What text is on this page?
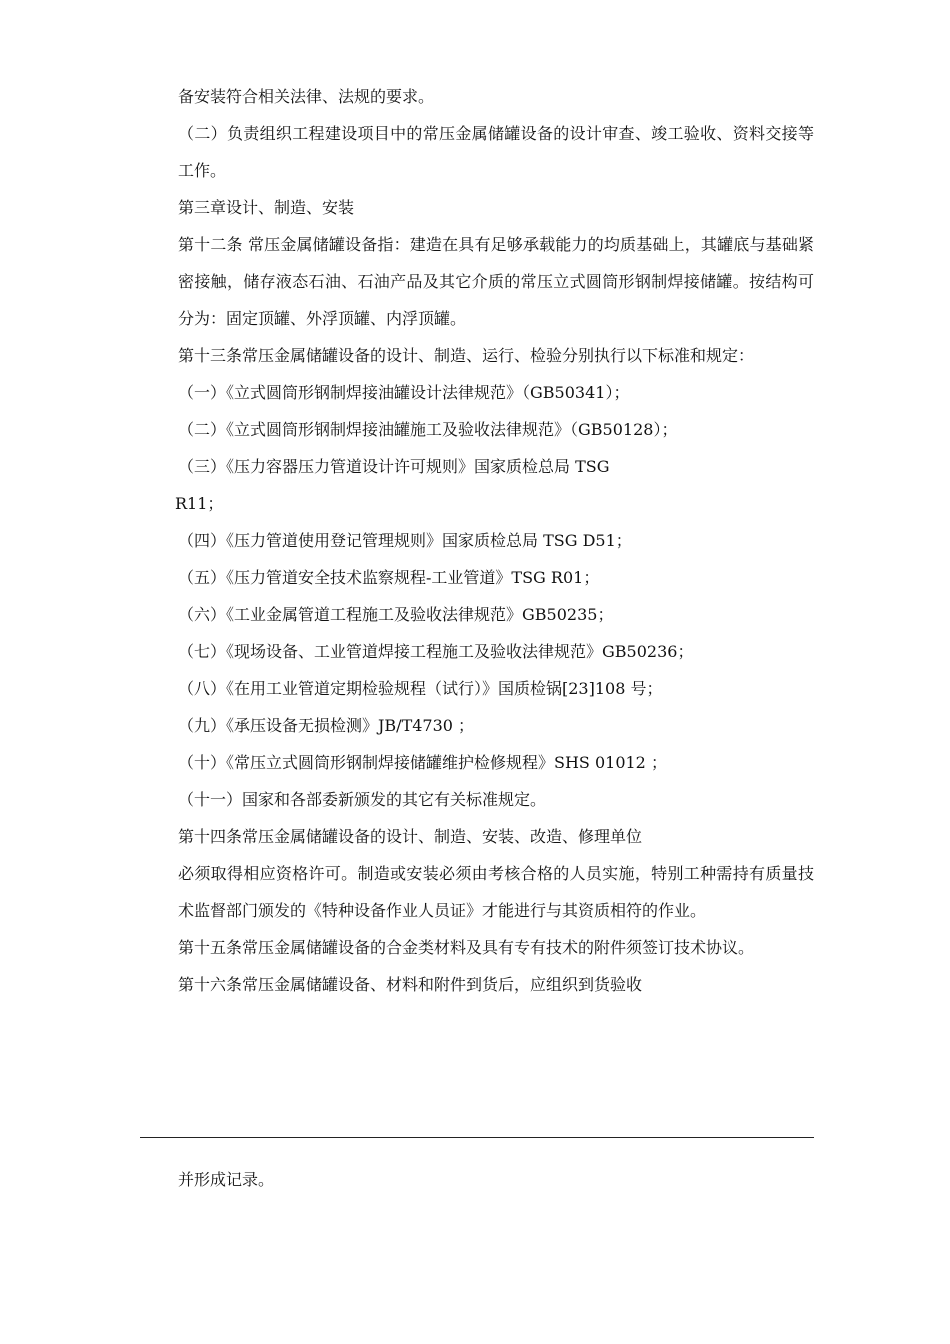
备安装符合相关法律、法规的要求。

（二）负责组织工程建设项目中的常压金属储罐设备的设计审查、竣工验收、资料交接等工作。

第三章设计、制造、安装

第十二条 常压金属储罐设备指：建造在具有足够承载能力的均质基础上，其罐底与基础紧密接触，储存液态石油、石油产品及其它介质的常压立式圆筒形钢制焊接储罐。按结构可分为：固定顶罐、外浮顶罐、内浮顶罐。

第十三条常压金属储罐设备的设计、制造、运行、检验分别执行以下标准和规定：

（一）《立式圆筒形钢制焊接油罐设计法律规范》（GB50341）；

（二）《立式圆筒形钢制焊接油罐施工及验收法律规范》（GB50128）；

（三）《压力容器压力管道设计许可规则》国家质检总局 TSG

R11；

（四）《压力管道使用登记管理规则》国家质检总局 TSG D51；

（五）《压力管道安全技术监察规程-工业管道》TSG R01；

（六）《工业金属管道工程施工及验收法律规范》GB50235；

（七）《现场设备、工业管道焊接工程施工及验收法律规范》GB50236；

（八）《在用工业管道定期检验规程（试行）》国质检锅[23]108 号；

（九）《承压设备无损检测》JB/T4730 ；

（十）《常压立式圆筒形钢制焊接储罐维护检修规程》SHS 01012 ；

（十一）国家和各部委新颁发的其它有关标准规定。

第十四条常压金属储罐设备的设计、制造、安装、改造、修理单位

必须取得相应资格许可。制造或安装必须由考核合格的人员实施，特别工种需持有质量技术监督部门颁发的《特种设备作业人员证》才能进行与其资质相符的作业。

第十五条常压金属储罐设备的合金类材料及具有专有技术的附件须签订技术协议。

第十六条常压金属储罐设备、材料和附件到货后，应组织到货验收

并形成记录。
